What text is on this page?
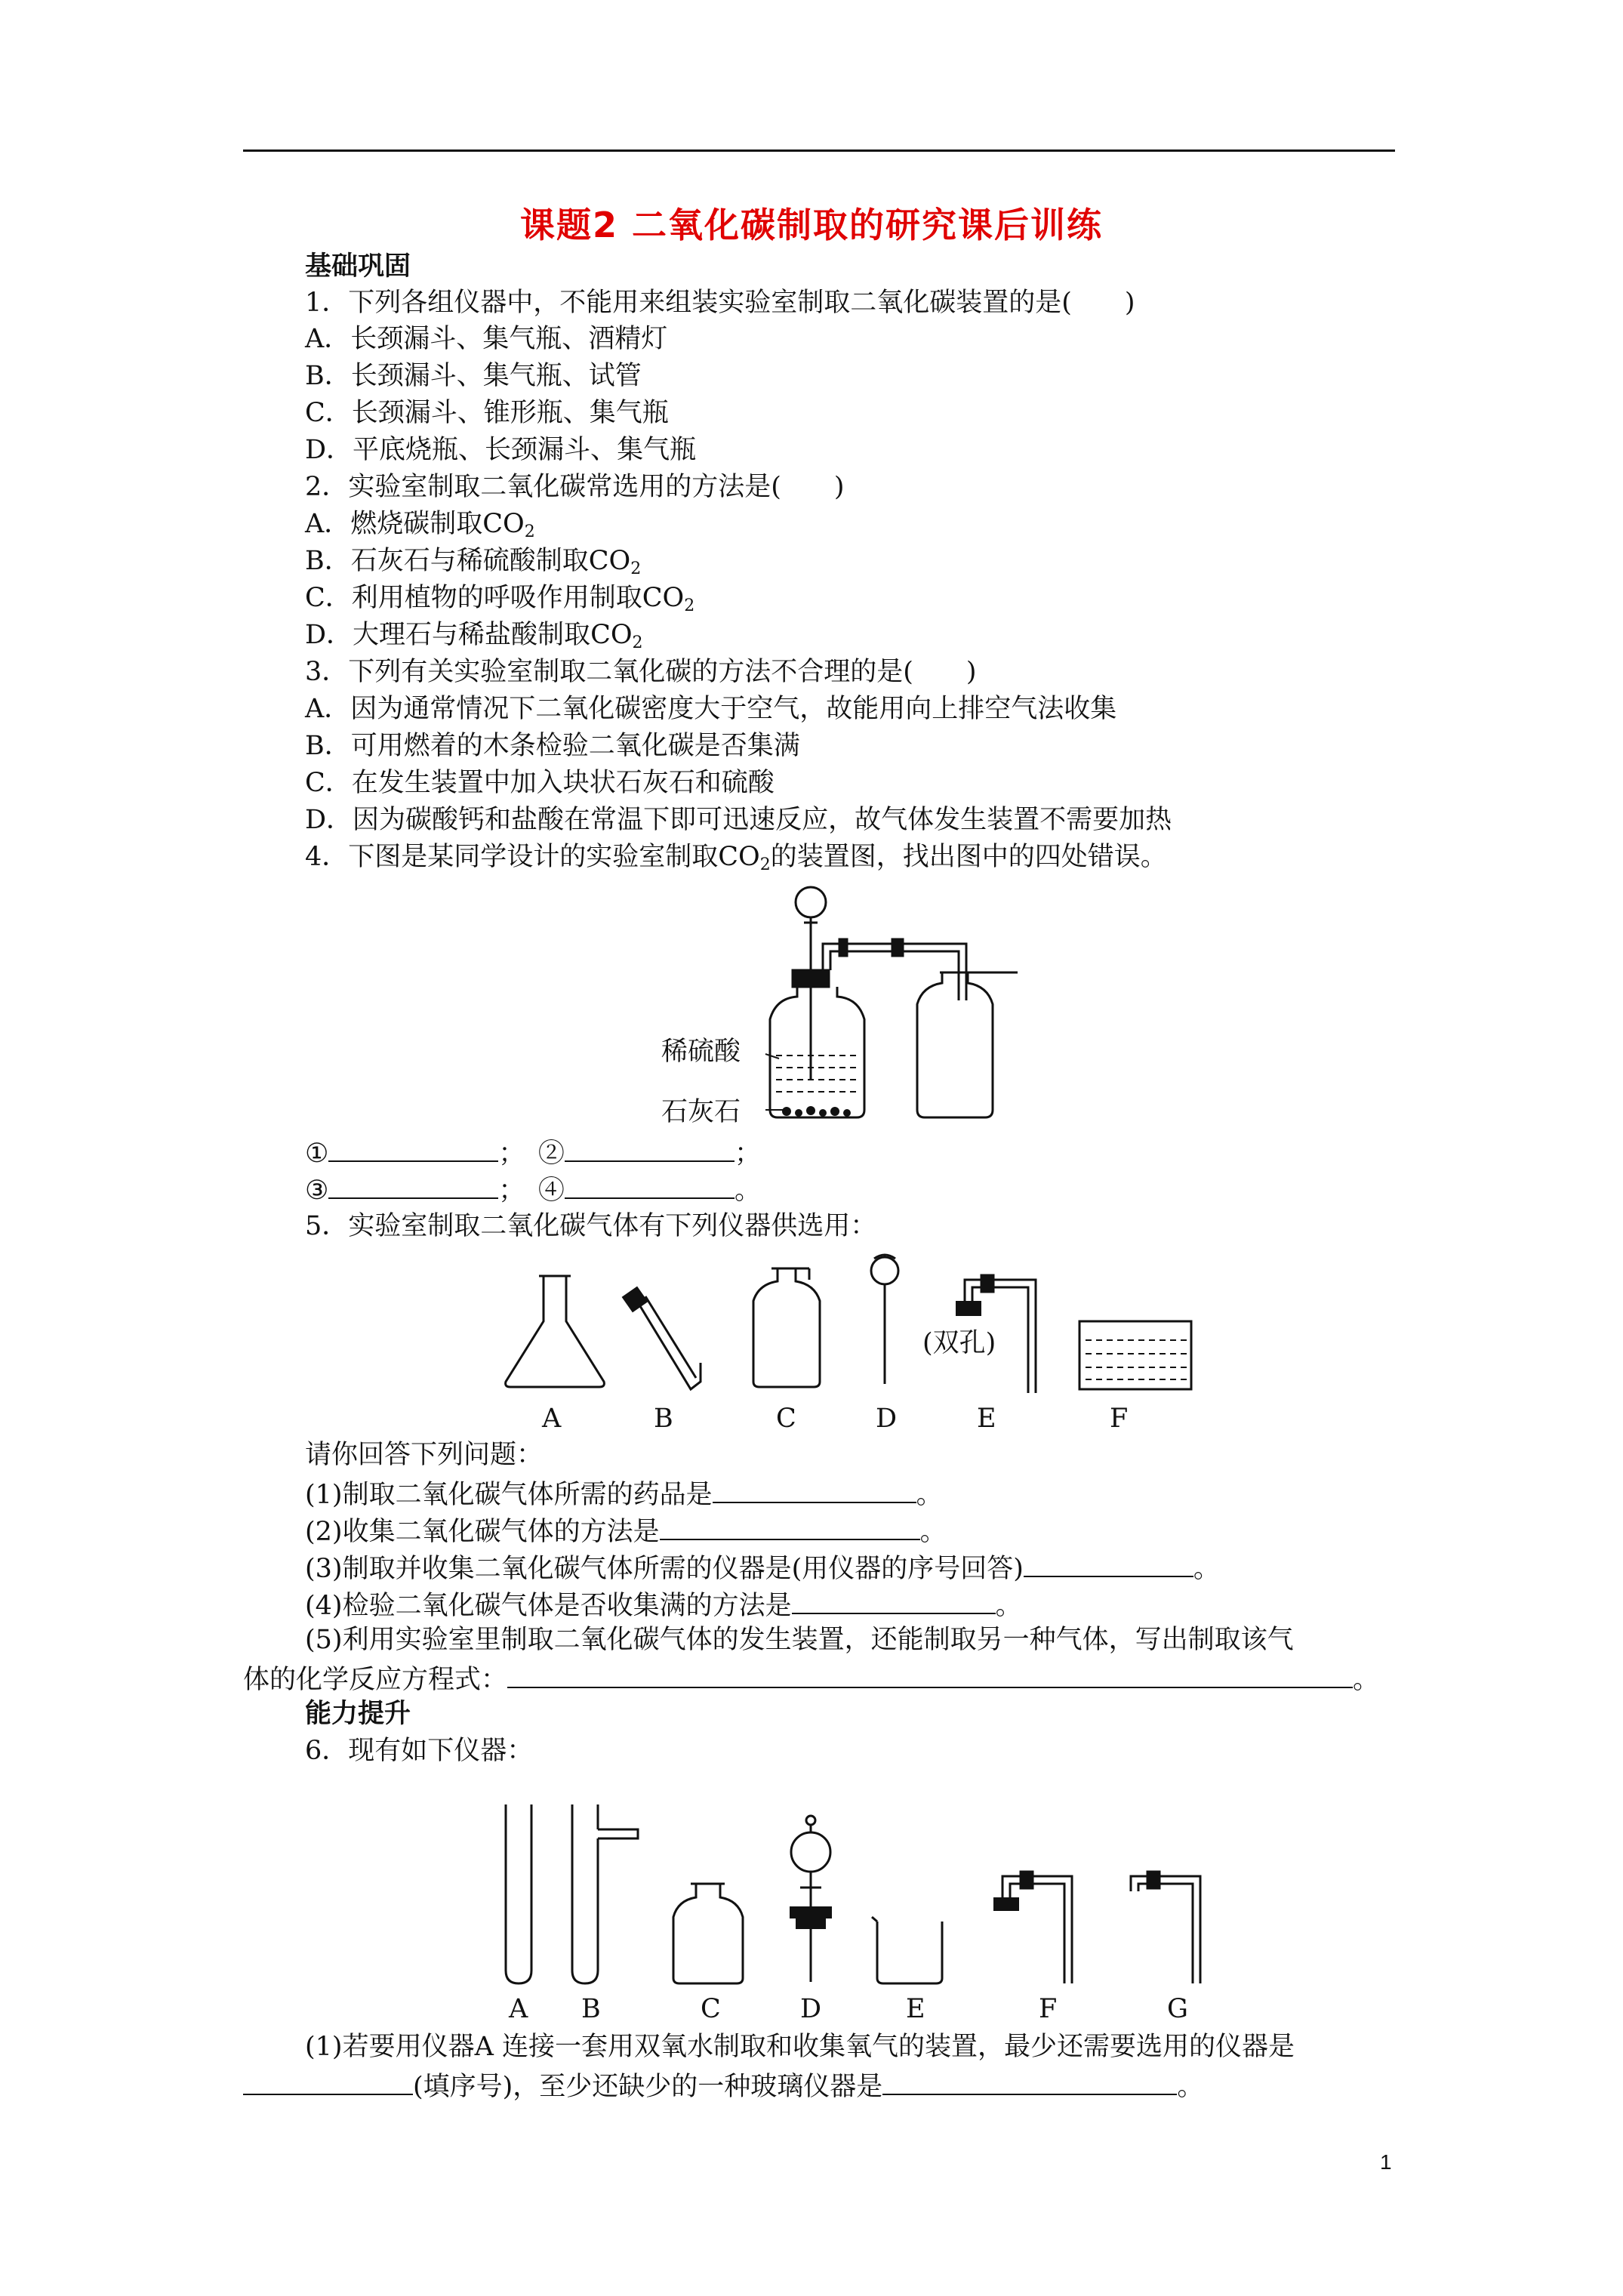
课题2 二氧化碳制取的研究课后训练
基础巩固
1．下列各组仪器中，不能用来组装实验室制取二氧化碳装置的是(　　)
A．长颈漏斗、集气瓶、酒精灯
B．长颈漏斗、集气瓶、试管
C．长颈漏斗、锥形瓶、集气瓶
D．平底烧瓶、长颈漏斗、集气瓶
2．实验室制取二氧化碳常选用的方法是(　　)
A．燃烧碳制取$CO_2$
B．石灰石与稀硫酸制取$CO_2$
C．利用植物的呼吸作用制取$CO_2$
D．大理石与稀盐酸制取$CO_2$
3．下列有关实验室制取二氧化碳的方法不合理的是(　　)
A．因为通常情况下二氧化碳密度大于空气，故能用向上排空气法收集
B．可用燃着的木条检验二氧化碳是否集满
C．在发生装置中加入块状石灰石和硫酸
D．因为碳酸钙和盐酸在常温下即可迅速反应，故气体发生装置不需要加热
4．下图是某同学设计的实验室制取$CO_2$的装置图，找出图中的四处错误。
稀硫酸
石灰石
①	；　 ②	；
③	；　 ④	。
5．实验室制取二氧化碳气体有下列仪器供选用：
(双孔)
A	B	C	D	E	F
请你回答下列问题：
(1)制取二氧化碳气体所需的药品是	。
(2)收集二氧化碳气体的方法是	。
(3)制取并收集二氧化碳气体所需的仪器是(用仪器的序号回答)	。
(4)检验二氧化碳气体是否收集满的方法是	。
(5)利用实验室里制取二氧化碳气体的发生装置，还能制取另一种气体，写出制取该气
体的化学反应方程式：	。
能力提升
6．现有如下仪器：
A B	C	D	E	F	G
(1)若要用仪器A 连接一套用双氧水制取和收集氧气的装置，最少还需要选用的仪器是
(填序号)，至少还缺少的一种玻璃仪器是	。
1
